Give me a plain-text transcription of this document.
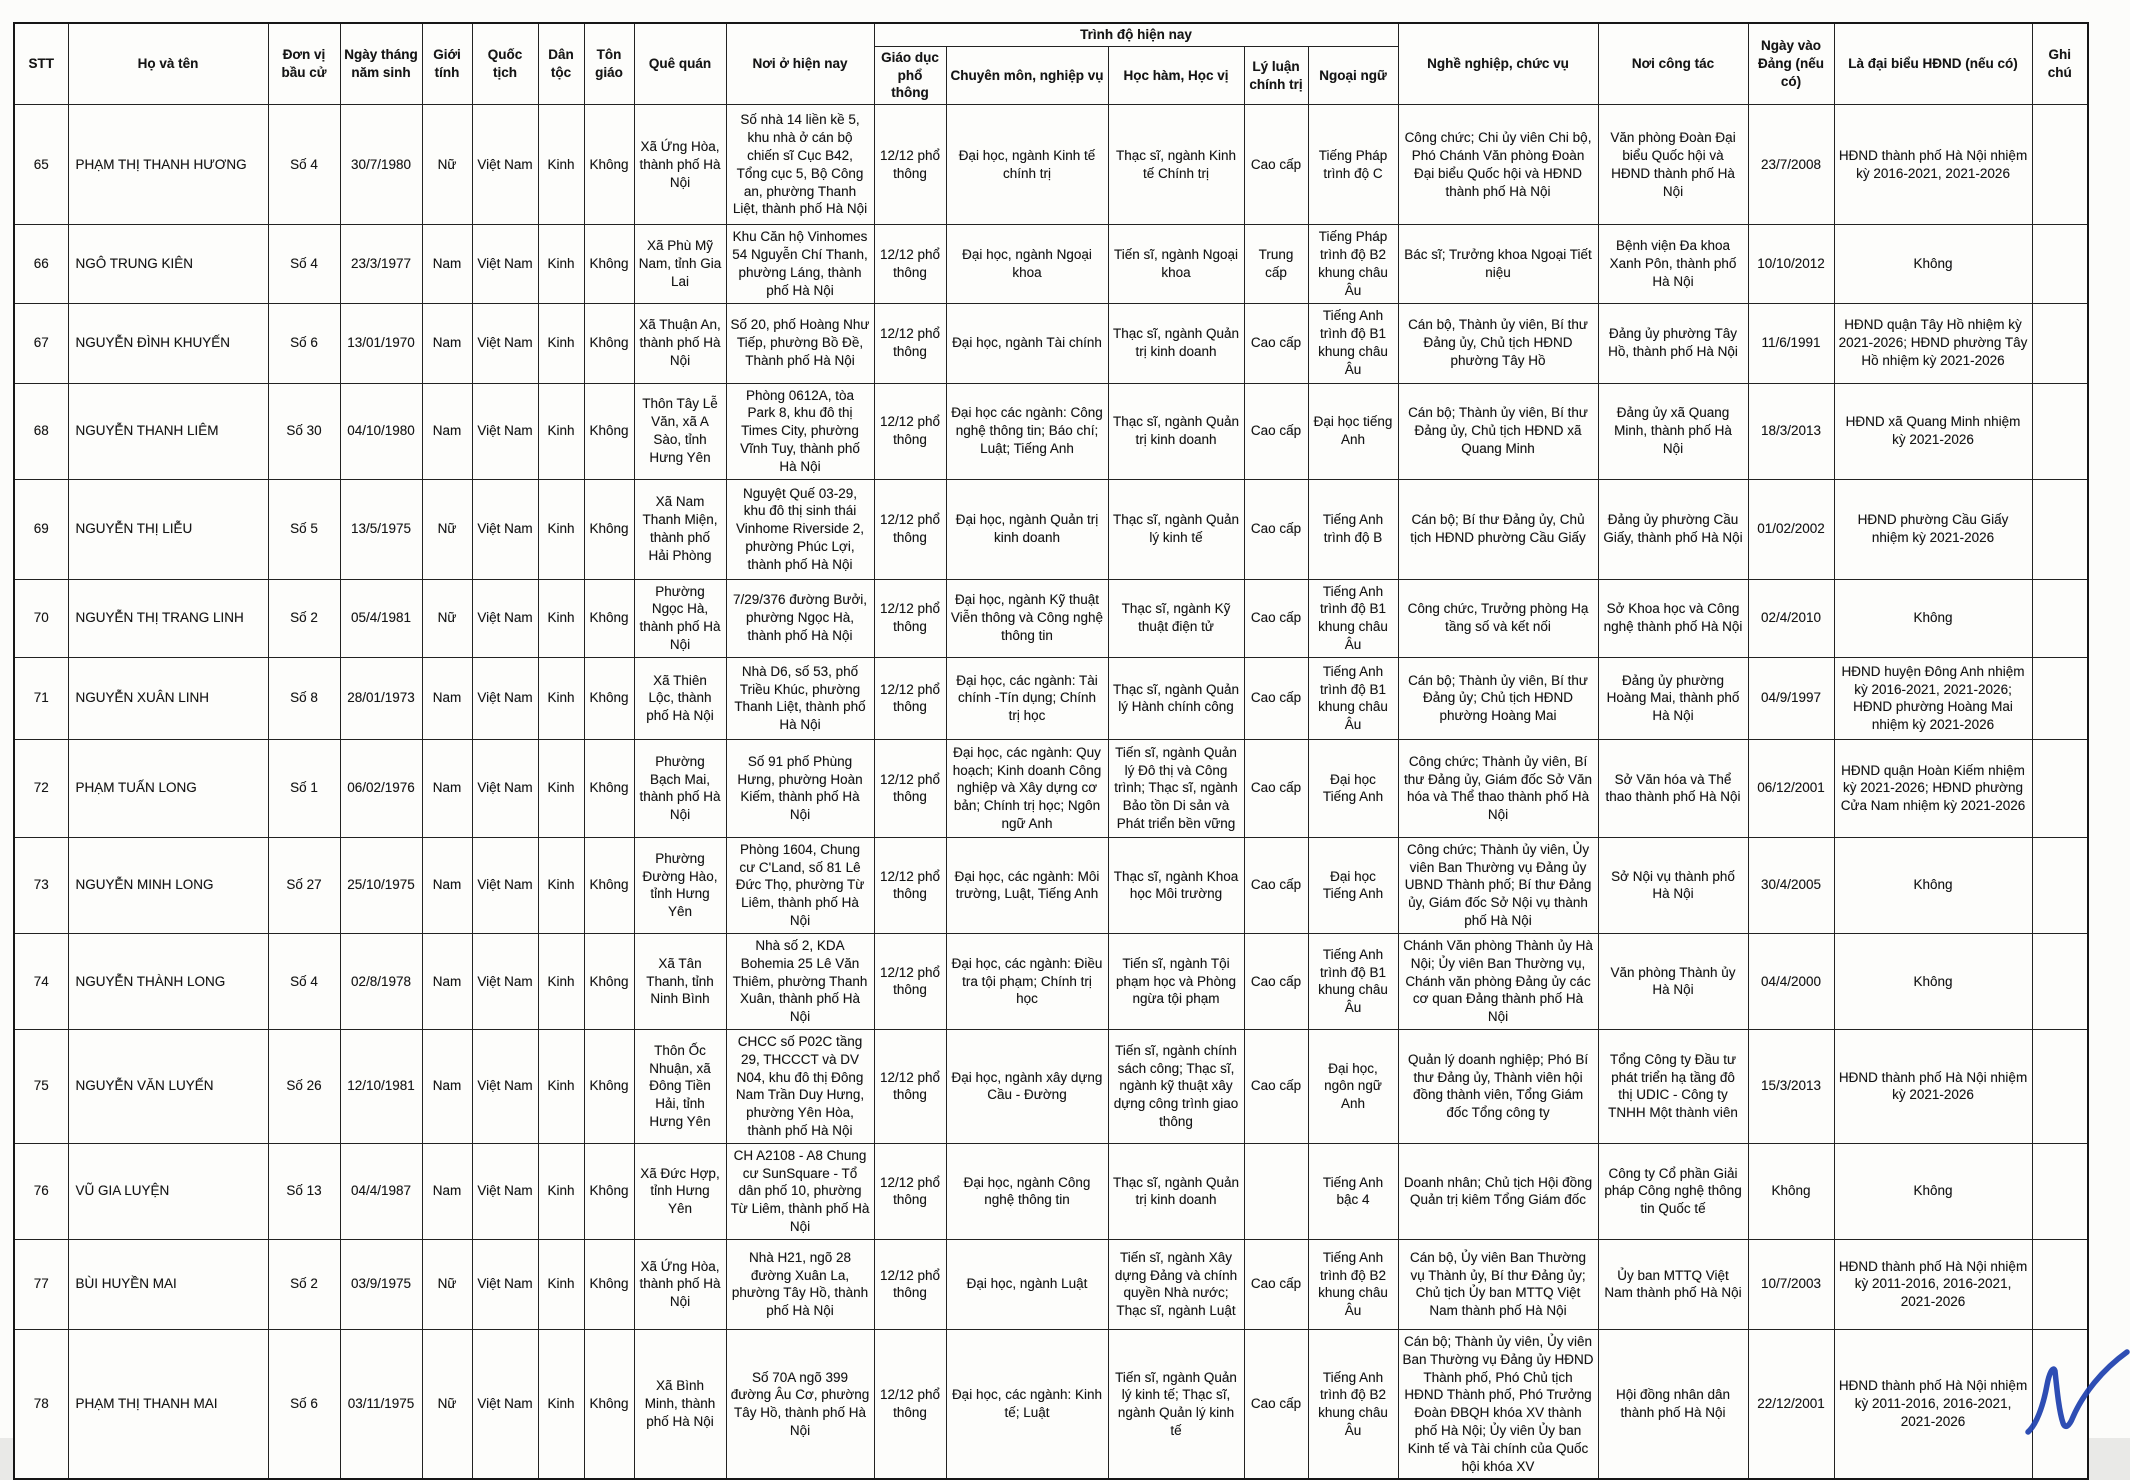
STT	Họ và tên	Đơn vị bầu cử	Ngày tháng năm sinh	Giới tính	Quốc tịch	Dân tộc	Tôn giáo	Quê quán	Nơi ở hiện nay	Trình độ hiện nay					Nghề nghiệp, chức vụ	Nơi công tác	Ngày vào Đảng (nếu có)	Là đại biểu HĐND (nếu có)	Ghi chú
										Giáo dục phổ thông	Chuyên môn, nghiệp vụ	Học hàm, Học vị	Lý luận chính trị	Ngoại ngữ					
65	PHẠM THỊ THANH HƯƠNG	Số 4	30/7/1980	Nữ	Việt Nam	Kinh	Không	Xã Ứng Hòa, thành phố Hà Nội	Số nhà 14 liền kề 5, khu nhà ở cán bộ chiến sĩ Cục B42, Tổng cục 5, Bộ Công an, phường Thanh Liệt, thành phố Hà Nội	12/12 phổ thông	Đại học, ngành Kinh tế chính trị	Thạc sĩ, ngành Kinh tế Chính trị	Cao cấp	Tiếng Pháp trình độ C	Công chức; Chi ủy viên Chi bộ, Phó Chánh Văn phòng Đoàn Đại biểu Quốc hội và HĐND thành phố Hà Nội	Văn phòng Đoàn Đại biểu Quốc hội và HĐND thành phố Hà Nội	23/7/2008	HĐND thành phố Hà Nội nhiệm kỳ 2016-2021, 2021-2026	
66	NGÔ TRUNG KIÊN	Số 4	23/3/1977	Nam	Việt Nam	Kinh	Không	Xã Phù Mỹ Nam, tỉnh Gia Lai	Khu Căn hộ Vinhomes 54 Nguyễn Chí Thanh, phường Láng, thành phố Hà Nội	12/12 phổ thông	Đại học, ngành Ngoại khoa	Tiến sĩ, ngành Ngoại khoa	Trung cấp	Tiếng Pháp trình độ B2 khung châu Âu	Bác sĩ; Trưởng khoa Ngoại Tiết niệu	Bệnh viện Đa khoa Xanh Pôn, thành phố Hà Nội	10/10/2012	Không	
67	NGUYỄN ĐÌNH KHUYẾN	Số 6	13/01/1970	Nam	Việt Nam	Kinh	Không	Xã Thuận An, thành phố Hà Nội	Số 20, phố Hoàng Như Tiếp, phường Bồ Đề, Thành phố Hà Nội	12/12 phổ thông	Đại học, ngành Tài chính	Thạc sĩ, ngành Quản trị kinh doanh	Cao cấp	Tiếng Anh trình độ B1 khung châu Âu	Cán bộ, Thành ủy viên, Bí thư Đảng ủy, Chủ tịch HĐND phường Tây Hồ	Đảng ủy phường Tây Hồ, thành phố Hà Nội	11/6/1991	HĐND quận Tây Hồ nhiệm kỳ 2021-2026; HĐND phường Tây Hồ nhiệm kỳ 2021-2026	
68	NGUYỄN THANH LIÊM	Số 30	04/10/1980	Nam	Việt Nam	Kinh	Không	Thôn Tây Lễ Văn, xã A Sào, tỉnh Hưng Yên	Phòng 0612A, tòa Park 8, khu đô thị Times City, phường Vĩnh Tuy, thành phố Hà Nội	12/12 phổ thông	Đại học các ngành: Công nghệ thông tin; Báo chí; Luật; Tiếng Anh	Thạc sĩ, ngành Quản trị kinh doanh	Cao cấp	Đại học tiếng Anh	Cán bộ; Thành ủy viên, Bí thư Đảng ủy, Chủ tịch HĐND xã Quang Minh	Đảng ủy xã Quang Minh, thành phố Hà Nội	18/3/2013	HĐND xã Quang Minh nhiệm kỳ 2021-2026	
69	NGUYỄN THỊ LIỄU	Số 5	13/5/1975	Nữ	Việt Nam	Kinh	Không	Xã Nam Thanh Miện, thành phố Hải Phòng	Nguyệt Quế 03-29, khu đô thị sinh thái Vinhome Riverside 2, phường Phúc Lợi, thành phố Hà Nội	12/12 phổ thông	Đại học, ngành Quản trị kinh doanh	Thạc sĩ, ngành Quản lý kinh tế	Cao cấp	Tiếng Anh trình độ B	Cán bộ; Bí thư Đảng ủy, Chủ tịch HĐND phường Cầu Giấy	Đảng ủy phường Cầu Giấy, thành phố Hà Nội	01/02/2002	HĐND phường Cầu Giấy nhiệm kỳ 2021-2026	
70	NGUYỄN THỊ TRANG LINH	Số 2	05/4/1981	Nữ	Việt Nam	Kinh	Không	Phường Ngọc Hà, thành phố Hà Nội	7/29/376 đường Bưởi, phường Ngọc Hà, thành phố Hà Nội	12/12 phổ thông	Đại học, ngành Kỹ thuật Viễn thông và Công nghệ thông tin	Thạc sĩ, ngành Kỹ thuật điện tử	Cao cấp	Tiếng Anh trình độ B1 khung châu Âu	Công chức, Trưởng phòng Hạ tầng số và kết nối	Sở Khoa học và Công nghệ thành phố Hà Nội	02/4/2010	Không	
71	NGUYỄN XUÂN LINH	Số 8	28/01/1973	Nam	Việt Nam	Kinh	Không	Xã Thiên Lộc, thành phố Hà Nội	Nhà D6, số 53, phố Triều Khúc, phường Thanh Liệt, thành phố Hà Nội	12/12 phổ thông	Đại học, các ngành: Tài chính -Tín dụng; Chính trị học	Thạc sĩ, ngành Quản lý Hành chính công	Cao cấp	Tiếng Anh trình độ B1 khung châu Âu	Cán bộ; Thành ủy viên, Bí thư Đảng ủy; Chủ tịch HĐND phường Hoàng Mai	Đảng ủy phường Hoàng Mai, thành phố Hà Nội	04/9/1997	HĐND huyện Đông Anh nhiệm kỳ 2016-2021, 2021-2026; HĐND phường Hoàng Mai nhiệm kỳ 2021-2026	
72	PHẠM TUẤN LONG	Số 1	06/02/1976	Nam	Việt Nam	Kinh	Không	Phường Bạch Mai, thành phố Hà Nội	Số 91 phố Phùng Hưng, phường Hoàn Kiếm, thành phố Hà Nội	12/12 phổ thông	Đại học, các ngành: Quy hoạch; Kinh doanh Công nghiệp và Xây dựng cơ bản; Chính trị học; Ngôn ngữ Anh	Tiến sĩ, ngành Quản lý Đô thị và Công trình; Thạc sĩ, ngành Bảo tồn Di sản và Phát triển bền vững	Cao cấp	Đại học Tiếng Anh	Công chức; Thành ủy viên, Bí thư Đảng ủy, Giám đốc Sở Văn hóa và Thể thao thành phố Hà Nội	Sở Văn hóa và Thể thao thành phố Hà Nội	06/12/2001	HĐND quận Hoàn Kiếm nhiệm kỳ 2021-2026; HĐND phường Cửa Nam nhiệm kỳ 2021-2026	
73	NGUYỄN MINH LONG	Số 27	25/10/1975	Nam	Việt Nam	Kinh	Không	Phường Đường Hào, tỉnh Hưng Yên	Phòng 1604, Chung cư C'Land, số 81 Lê Đức Thọ, phường Từ Liêm, thành phố Hà Nội	12/12 phổ thông	Đại học, các ngành: Môi trường, Luật, Tiếng Anh	Thạc sĩ, ngành Khoa học Môi trường	Cao cấp	Đại học Tiếng Anh	Công chức; Thành ủy viên, Ủy viên Ban Thường vụ Đảng ủy UBND Thành phố; Bí thư Đảng ủy, Giám đốc Sở Nội vụ thành phố Hà Nội	Sở Nội vụ thành phố Hà Nội	30/4/2005	Không	
74	NGUYỄN THÀNH LONG	Số 4	02/8/1978	Nam	Việt Nam	Kinh	Không	Xã Tân Thanh, tỉnh Ninh Bình	Nhà số 2, KDA Bohemia 25 Lê Văn Thiêm, phường Thanh Xuân, thành phố Hà Nội	12/12 phổ thông	Đại học, các ngành: Điều tra tội phạm; Chính trị học	Tiến sĩ, ngành Tội phạm học và Phòng ngừa tội phạm	Cao cấp	Tiếng Anh trình độ B1 khung châu Âu	Chánh Văn phòng Thành ủy Hà Nội; Ủy viên Ban Thường vụ, Chánh văn phòng Đảng ủy các cơ quan Đảng thành phố Hà Nội	Văn phòng Thành ủy Hà Nội	04/4/2000	Không	
75	NGUYỄN VĂN LUYẾN	Số 26	12/10/1981	Nam	Việt Nam	Kinh	Không	Thôn Ốc Nhuận, xã Đông Tiền Hải, tỉnh Hưng Yên	CHCC số P02C tầng 29, THCCCT và DV N04, khu đô thị Đông Nam Trần Duy Hưng, phường Yên Hòa, thành phố Hà Nội	12/12 phổ thông	Đại học, ngành xây dựng Cầu - Đường	Tiến sĩ, ngành chính sách công; Thạc sĩ, ngành kỹ thuật xây dựng công trình giao thông	Cao cấp	Đại học, ngôn ngữ Anh	Quản lý doanh nghiệp; Phó Bí thư Đảng ủy, Thành viên hội đồng thành viên, Tổng Giám đốc Tổng công ty	Tổng Công ty Đầu tư phát triển hạ tầng đô thị UDIC - Công ty TNHH Một thành viên	15/3/2013	HĐND thành phố Hà Nội nhiệm kỳ 2021-2026	
76	VŨ GIA LUYỆN	Số 13	04/4/1987	Nam	Việt Nam	Kinh	Không	Xã Đức Hợp, tỉnh Hưng Yên	CH A2108 - A8 Chung cư SunSquare - Tổ dân phố 10, phường Từ Liêm, thành phố Hà Nội	12/12 phổ thông	Đại học, ngành Công nghệ thông tin	Thạc sĩ, ngành Quản trị kinh doanh		Tiếng Anh bậc 4	Doanh nhân; Chủ tịch Hội đồng Quản trị kiêm Tổng Giám đốc	Công ty Cổ phần Giải pháp Công nghệ thông tin Quốc tế	Không	Không	
77	BÙI HUYỀN MAI	Số 2	03/9/1975	Nữ	Việt Nam	Kinh	Không	Xã Ứng Hòa, thành phố Hà Nội	Nhà H21, ngõ 28 đường Xuân La, phường Tây Hồ, thành phố Hà Nội	12/12 phổ thông	Đại học, ngành Luật	Tiến sĩ, ngành Xây dựng Đảng và chính quyền Nhà nước; Thạc sĩ, ngành Luật	Cao cấp	Tiếng Anh trình độ B2 khung châu Âu	Cán bộ, Ủy viên Ban Thường vụ Thành ủy, Bí thư Đảng ủy; Chủ tịch Ủy ban MTTQ Việt Nam thành phố Hà Nội	Ủy ban MTTQ Việt Nam thành phố Hà Nội	10/7/2003	HĐND thành phố Hà Nội nhiệm kỳ 2011-2016, 2016-2021, 2021-2026	
78	PHẠM THỊ THANH MAI	Số 6	03/11/1975	Nữ	Việt Nam	Kinh	Không	Xã Bình Minh, thành phố Hà Nội	Số 70A ngõ 399 đường Âu Cơ, phường Tây Hồ, thành phố Hà Nội	12/12 phổ thông	Đại học, các ngành: Kinh tế; Luật	Tiến sĩ, ngành Quản lý kinh tế; Thạc sĩ, ngành Quản lý kinh tế	Cao cấp	Tiếng Anh trình độ B2 khung châu Âu	Cán bộ; Thành ủy viên, Ủy viên Ban Thường vụ Đảng ủy HĐND Thành phố, Phó Chủ tịch HĐND Thành phố, Phó Trưởng Đoàn ĐBQH khóa XV thành phố Hà Nội; Ủy viên Ủy ban Kinh tế và Tài chính của Quốc hội khóa XV	Hội đồng nhân dân thành phố Hà Nội	22/12/2001	HĐND thành phố Hà Nội nhiệm kỳ 2011-2016, 2016-2021, 2021-2026	
